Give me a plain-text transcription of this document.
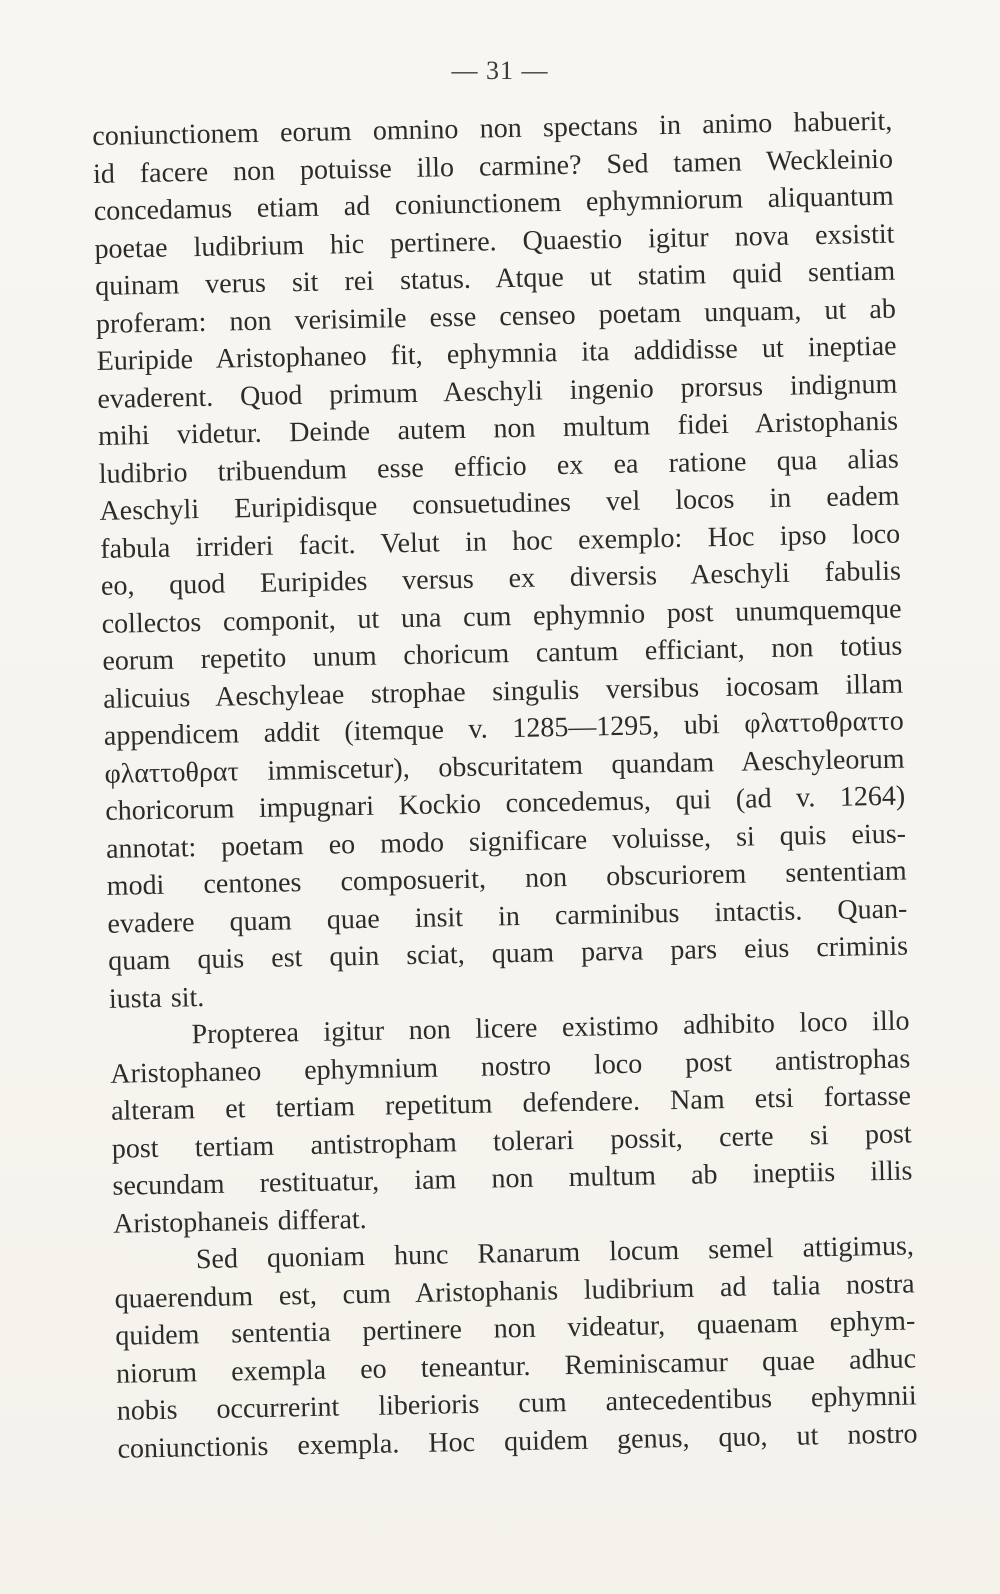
— 31 —
coniunctionem eorum omnino non spectans in animo habuerit,
id facere non potuisse illo carmine? Sed tamen Weckleinio
concedamus etiam ad coniunctionem ephymniorum aliquantum
poetae ludibrium hic pertinere. Quaestio igitur nova exsistit
quinam verus sit rei status. Atque ut statim quid sentiam
proferam: non verisimile esse censeo poetam unquam, ut ab
Euripide Aristophaneo fit, ephymnia ita addidisse ut ineptiae
evaderent. Quod primum Aeschyli ingenio prorsus indignum
mihi videtur. Deinde autem non multum fidei Aristophanis
ludibrio tribuendum esse efficio ex ea ratione qua alias
Aeschyli Euripidisque consuetudines vel locos in eadem
fabula irrideri facit. Velut in hoc exemplo: Hoc ipso loco
eo, quod Euripides versus ex diversis Aeschyli fabulis
collectos componit, ut una cum ephymnio post unumquemque
eorum repetito unum choricum cantum efficiant, non totius
alicuius Aeschyleae strophae singulis versibus iocosam illam
appendicem addit (itemque v. 1285—1295, ubi φλαττοθραττο
φλαττοθρατ immiscetur), obscuritatem quandam Aeschyleorum
choricorum impugnari Kockio concedemus, qui (ad v. 1264)
annotat: poetam eo modo significare voluisse, si quis eius-
modi centones composuerit, non obscuriorem sententiam
evadere quam quae insit in carminibus intactis. Quan-
quam quis est quin sciat, quam parva pars eius criminis
iusta sit.
Propterea igitur non licere existimo adhibito loco illo
Aristophaneo ephymnium nostro loco post antistrophas
alteram et tertiam repetitum defendere. Nam etsi fortasse
post tertiam antistropham tolerari possit, certe si post
secundam restituatur, iam non multum ab ineptiis illis
Aristophaneis differat.
Sed quoniam hunc Ranarum locum semel attigimus,
quaerendum est, cum Aristophanis ludibrium ad talia nostra
quidem sententia pertinere non videatur, quaenam ephym-
niorum exempla eo teneantur. Reminiscamur quae adhuc
nobis occurrerint liberioris cum antecedentibus ephymnii
coniunctionis exempla. Hoc quidem genus, quo, ut nostro
